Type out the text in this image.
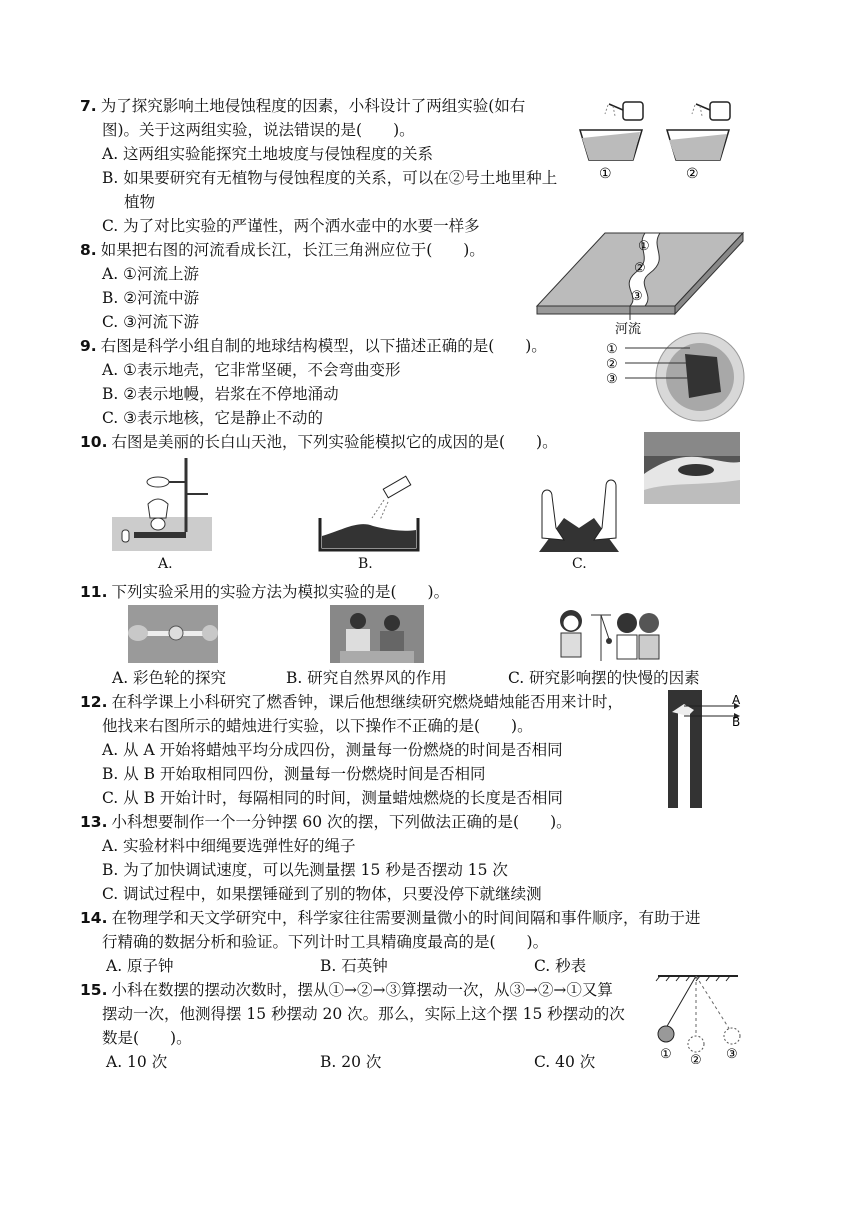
7. 为了探究影响土地侵蚀程度的因素，小科设计了两组实验(如右
图)。关于这两组实验，说法错误的是(　　)。
A. 这两组实验能探究土地坡度与侵蚀程度的关系
B. 如果要研究有无植物与侵蚀程度的关系，可以在②号土地里种上植物
C. 为了对比实验的严谨性，两个洒水壶中的水要一样多
①	②
8. 如果把右图的河流看成长江，长江三角洲应位于(　　)。
A. ①河流上游
B. ②河流中游
C. ③河流下游
①
②
③
河流
9. 右图是科学小组自制的地球结构模型，以下描述正确的是(　　)。
A. ①表示地壳，它非常坚硬，不会弯曲变形
B. ②表示地幔，岩浆在不停地涌动
C. ③表示地核，它是静止不动的
①
②
③
10. 右图是美丽的长白山天池，下列实验能模拟它的成因的是(　　)。
A.	B.	C.
11. 下列实验采用的实验方法为模拟实验的是(　　)。
A. 彩色轮的探究	B. 研究自然界风的作用	C. 研究影响摆的快慢的因素
12. 在科学课上小科研究了燃香钟，课后他想继续研究燃烧蜡烛能否用来计时，
他找来右图所示的蜡烛进行实验，以下操作不正确的是(　　)。
A. 从 A 开始将蜡烛平均分成四份，测量每一份燃烧的时间是否相同
B. 从 B 开始取相同四份，测量每一份燃烧时间是否相同
C. 从 B 开始计时，每隔相同的时间，测量蜡烛燃烧的长度是否相同
A
B
13. 小科想要制作一个一分钟摆 60 次的摆，下列做法正确的是(　　)。
A. 实验材料中细绳要选弹性好的绳子
B. 为了加快调试速度，可以先测量摆 15 秒是否摆动 15 次
C. 调试过程中，如果摆锤碰到了别的物体，只要没停下就继续测
14. 在物理学和天文学研究中，科学家往往需要测量微小的时间间隔和事件顺序，有助于进
行精确的数据分析和验证。下列计时工具精确度最高的是(　　)。
A. 原子钟	B. 石英钟	C. 秒表
15. 小科在数摆的摆动次数时，摆从①→②→③算摆动一次，从③→②→①又算
摆动一次，他测得摆 15 秒摆动 20 次。那么，实际上这个摆 15 秒摆动的次
数是(　　)。
A. 10 次	B. 20 次	C. 40 次	① ② ③
